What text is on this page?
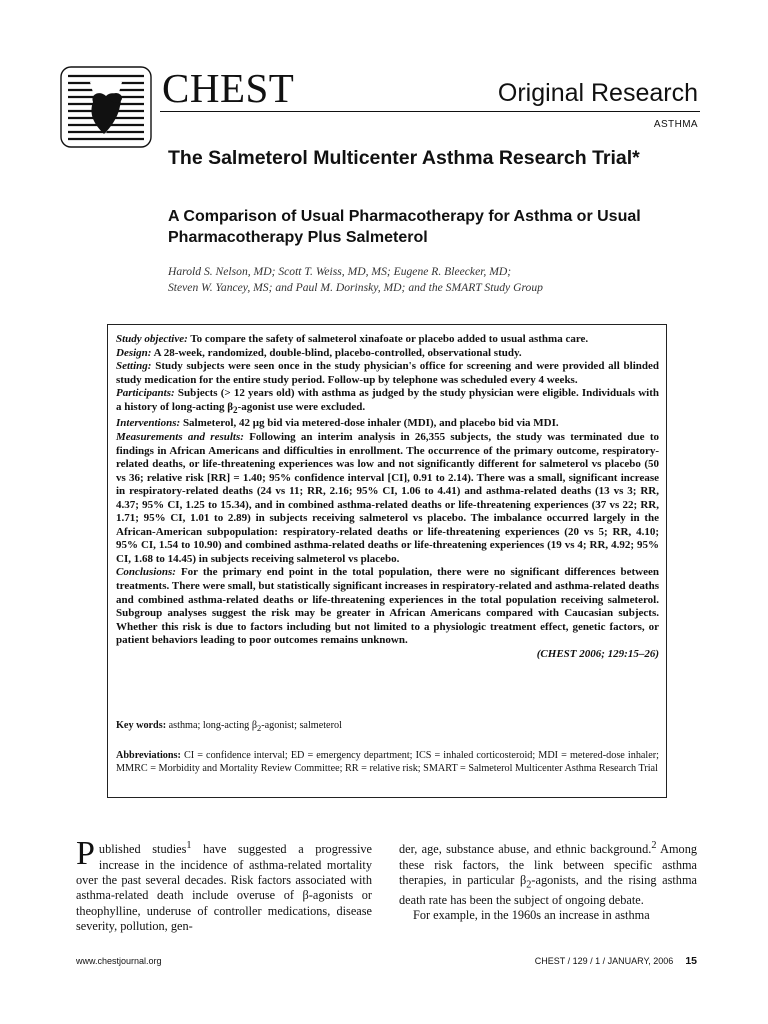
CHEST	Original Research
ASTHMA
The Salmeterol Multicenter Asthma Research Trial*
A Comparison of Usual Pharmacotherapy for Asthma or Usual Pharmacotherapy Plus Salmeterol
Harold S. Nelson, MD; Scott T. Weiss, MD, MS; Eugene R. Bleecker, MD;
Steven W. Yancey, MS; and Paul M. Dorinsky, MD; and the SMART Study Group

Study objective: To compare the safety of salmeterol xinafoate or placebo added to usual asthma care.

Design: A 28-week, randomized, double-blind, placebo-controlled, observational study.

Setting: Study subjects were seen once in the study physician's office for screening and were provided all blinded study medication for the entire study period. Follow-up by telephone was scheduled every 4 weeks.

Participants: Subjects (> 12 years old) with asthma as judged by the study physician were eligible. Individuals with a history of long-acting $\beta_2$-agonist use were excluded.

Interventions: Salmeterol, 42 μg bid via metered-dose inhaler (MDI), and placebo bid via MDI.

Measurements and results: Following an interim analysis in 26,355 subjects, the study was terminated due to findings in African Americans and difficulties in enrollment. The occurrence of the primary outcome, respiratory-related deaths, or life-threatening experiences was low and not significantly different for salmeterol vs placebo (50 vs 36; relative risk [RR] = 1.40; 95% confidence interval [CI], 0.91 to 2.14). There was a small, significant increase in respiratory-related deaths (24 vs 11; RR, 2.16; 95% CI, 1.06 to 4.41) and asthma-related deaths (13 vs 3; RR, 4.37; 95% CI, 1.25 to 15.34), and in combined asthma-related deaths or life-threatening experiences (37 vs 22; RR, 1.71; 95% CI, 1.01 to 2.89) in subjects receiving salmeterol vs placebo. The imbalance occurred largely in the African-American subpopulation: respiratory-related deaths or life-threatening experiences (20 vs 5; RR, 4.10; 95% CI, 1.54 to 10.90) and combined asthma-related deaths or life-threatening experiences (19 vs 4; RR, 4.92; 95% CI, 1.68 to 14.45) in subjects receiving salmeterol vs placebo.

Conclusions: For the primary end point in the total population, there were no significant differences between treatments. There were small, but statistically significant increases in respiratory-related and asthma-related deaths and combined asthma-related deaths or life-threatening experiences in the total population receiving salmeterol. Subgroup analyses suggest the risk may be greater in African Americans compared with Caucasian subjects. Whether this risk is due to factors including but not limited to a physiologic treatment effect, genetic factors, or patient behaviors leading to poor outcomes remains unknown.
(CHEST 2006; 129:15–26)

Key words: asthma; long-acting $\beta_2$-agonist; salmeterol
Abbreviations: CI = confidence interval; ED = emergency department; ICS = inhaled corticosteroid; MDI = metered-dose inhaler; MMRC = Morbidity and Mortality Review Committee; RR = relative risk; SMART = Salmeterol Multicenter Asthma Research Trial

Published studies$^1$ have suggested a progressive increase in the incidence of asthma-related mortality over the past several decades. Risk factors associated with asthma-related death include overuse of β-agonists or theophylline, underuse of controller medications, disease severity, pollution, gen-

der, age, substance abuse, and ethnic background.$^2$ Among these risk factors, the link between specific asthma therapies, in particular $\beta_2$-agonists, and the rising asthma death rate has been the subject of ongoing debate.

For example, in the 1960s an increase in asthma

www.chestjournal.org	CHEST / 129 / 1 / JANUARY, 2006 15
